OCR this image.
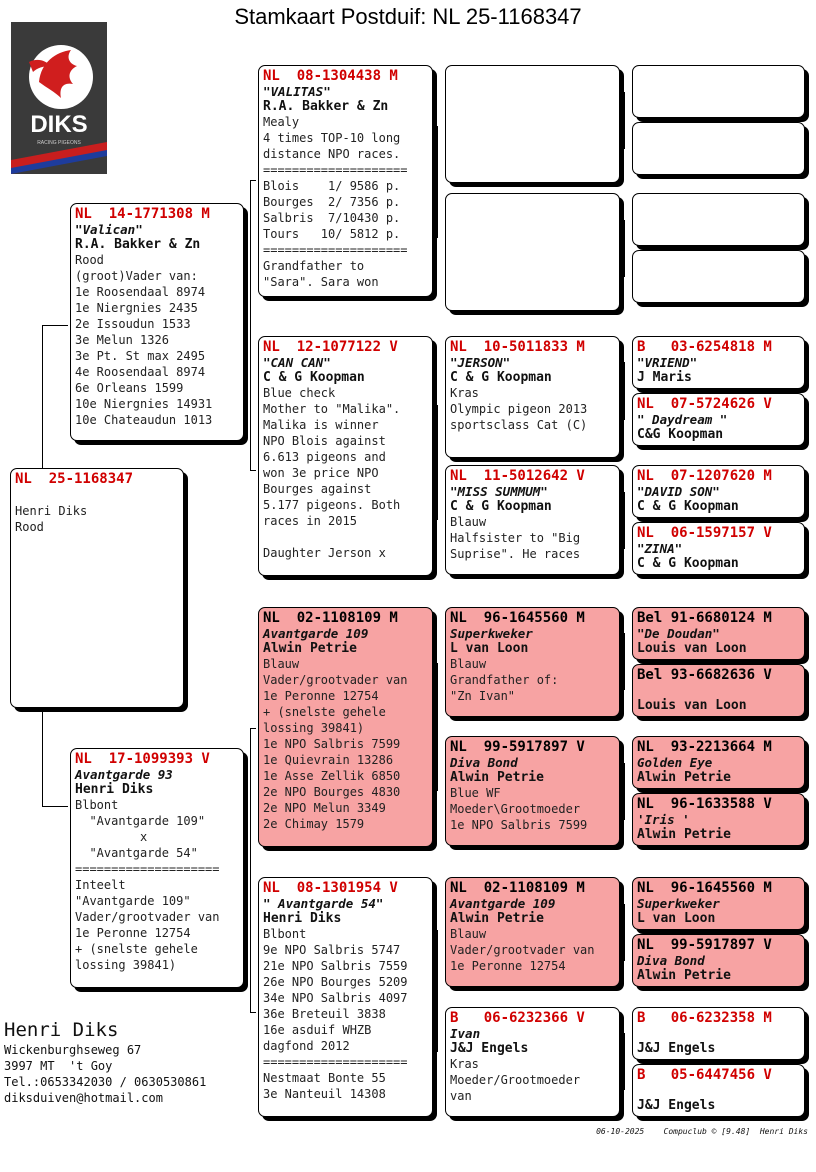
Stamkaart Postduif: NL 25-1168347
DIKS
RACING PIGEONS
NL  25-1168347

Henri Diks
Rood
NL  14-1771308 M
"Valican"
R.A. Bakker & Zn
Rood
(groot)Vader van:
1e Roosendaal 8974
1e Niergnies 2435
2e Issoudun 1533
3e Melun 1326
3e Pt. St max 2495
4e Roosendaal 8974
6e Orleans 1599
10e Niergnies 14931
10e Chateaudun 1013
NL  17-1099393 V
Avantgarde 93
Henri Diks
Blbont
"Avantgarde 109"
x
"Avantgarde 54"
====================
Inteelt
"Avantgarde 109"
Vader/grootvader van
1e Peronne 12754
+ (snelste gehele
lossing 39841)
NL  08-1304438 M
"VALITAS"
R.A. Bakker & Zn
Mealy
4 times TOP-10 long
distance NPO races.
====================
Blois    1/ 9586 p.
Bourges  2/ 7356 p.
Salbris  7/10430 p.
Tours   10/ 5812 p.
====================
Grandfather to
"Sara". Sara won
NL  12-1077122 V
"CAN CAN"
C & G Koopman
Blue check
Mother to "Malika".
Malika is winner
NPO Blois against
6.613 pigeons and
won 3e price NPO
Bourges against
5.177 pigeons. Both
races in 2015

Daughter Jerson x
NL  02-1108109 M
Avantgarde 109
Alwin Petrie
Blauw
Vader/grootvader van
1e Peronne 12754
+ (snelste gehele
lossing 39841)
1e NPO Salbris 7599
1e Quievrain 13286
1e Asse Zellik 6850
2e NPO Bourges 4830
2e NPO Melun 3349
2e Chimay 1579
NL  08-1301954 V
" Avantgarde 54"
Henri Diks
Blbont
9e NPO Salbris 5747
21e NPO Salbris 7559
26e NPO Bourges 5209
34e NPO Salbris 4097
36e Breteuil 3838
16e asduif WHZB
dagfond 2012
====================
Nestmaat Bonte 55
3e Nanteuil 14308
NL  10-5011833 M
"JERSON"
C & G Koopman
Kras
Olympic pigeon 2013
sportsclass Cat (C)
NL  11-5012642 V
"MISS SUMMUM"
C & G Koopman
Blauw
Halfsister to "Big
Suprise". He races
NL  96-1645560 M
Superkweker
L van Loon
Blauw
Grandfather of:
"Zn Ivan"
NL  99-5917897 V
Diva Bond
Alwin Petrie
Blue WF
Moeder\Grootmoeder
1e NPO Salbris 7599
NL  02-1108109 M
Avantgarde 109
Alwin Petrie
Blauw
Vader/grootvader van
1e Peronne 12754
B   06-6232366 V
Ivan
J&J Engels
Kras
Moeder/Grootmoeder
van
B   03-6254818 M
"VRIEND"
J Maris
NL  07-5724626 V
" Daydream "
C&G Koopman
NL  07-1207620 M
"DAVID SON"
C & G Koopman
NL  06-1597157 V
"ZINA"
C & G Koopman
Bel 91-6680124 M
"De Doudan"
Louis van Loon
Bel 93-6682636 V

Louis van Loon
NL  93-2213664 M
Golden Eye
Alwin Petrie
NL  96-1633588 V
'Iris '
Alwin Petrie
NL  96-1645560 M
Superkweker
L van Loon
NL  99-5917897 V
Diva Bond
Alwin Petrie
B   06-6232358 M

J&J Engels
B   05-6447456 V

J&J Engels
Henri Diks
Wickenburghseweg 67
3997 MT  't Goy
Tel.:0653342030 / 0630530861
diksduiven@hotmail.com
06-10-2025    Compuclub © [9.48]  Henri Diks
